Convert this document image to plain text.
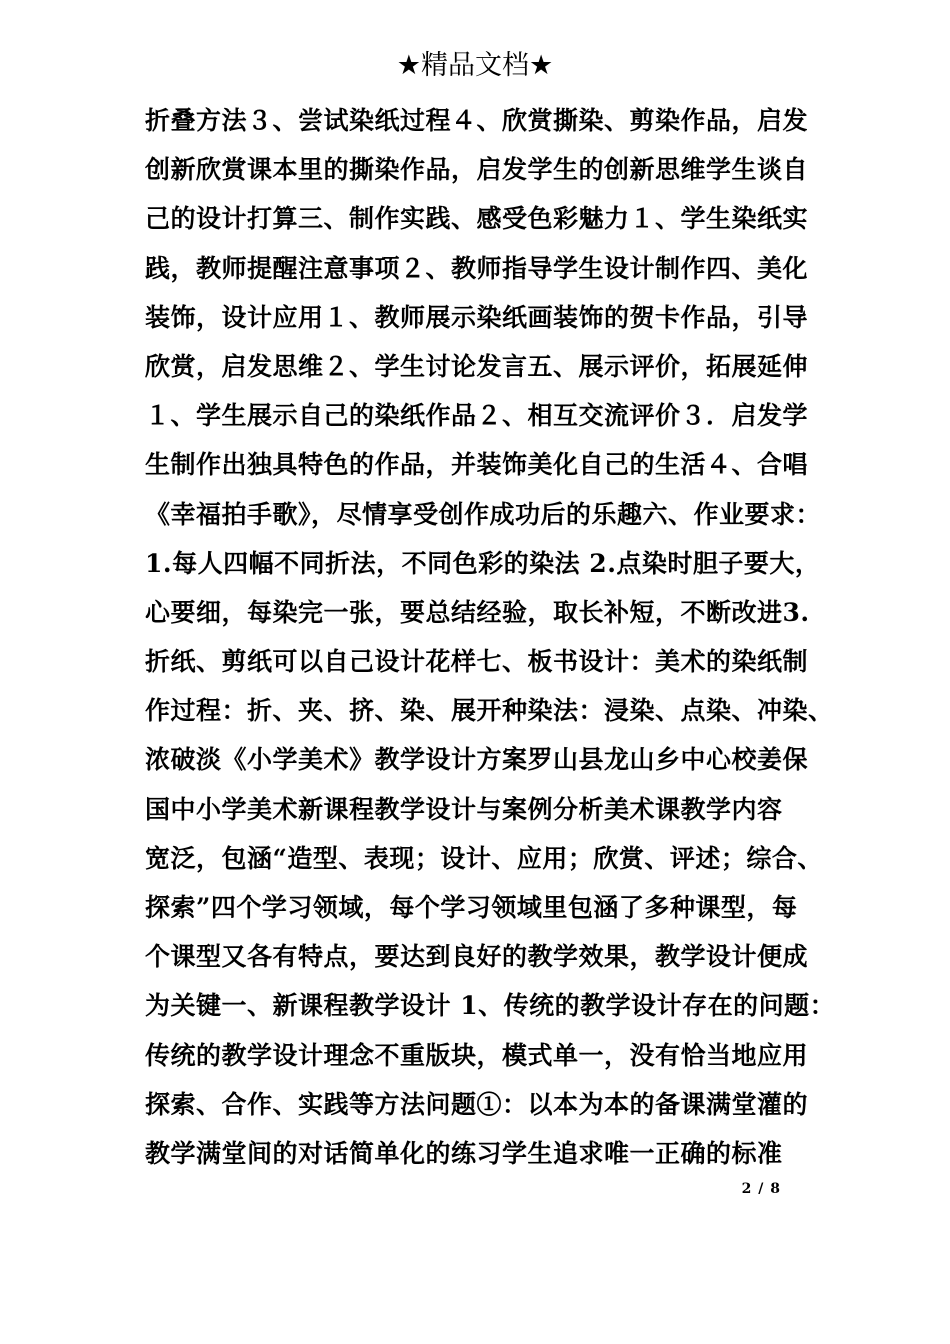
★精品文档★
折叠方法３、尝试染纸过程４、欣赏撕染、剪染作品，启发
创新欣赏课本里的撕染作品，启发学生的创新思维学生谈自
己的设计打算三、制作实践、感受色彩魅力１、学生染纸实
践，教师提醒注意事项２、教师指导学生设计制作四、美化
装饰，设计应用１、教师展示染纸画装饰的贺卡作品，引导
欣赏，启发思维２、学生讨论发言五、展示评价，拓展延伸
１、学生展示自己的染纸作品２、相互交流评价３．启发学
生制作出独具特色的作品，并装饰美化自己的生活４、合唱
《幸福拍手歌》，尽情享受创作成功后的乐趣六、作业要求：
1.每人四幅不同折法，不同色彩的染法 2.点染时胆子要大，
心要细，每染完一张，要总结经验，取长补短，不断改进3.
折纸、剪纸可以自己设计花样七、板书设计：美术的染纸制
作过程：折、夹、挤、染、展开种染法：浸染、点染、冲染、
浓破淡《小学美术》教学设计方案罗山县龙山乡中心校姜保
国中小学美术新课程教学设计与案例分析美术课教学内容
宽泛，包涵“造型、表现；设计、应用；欣赏、评述；综合、
探索”四个学习领域，每个学习领域里包涵了多种课型，每
个课型又各有特点，要达到良好的教学效果，教学设计便成
为关键一、新课程教学设计 1、传统的教学设计存在的问题：
传统的教学设计理念不重版块，模式单一，没有恰当地应用
探索、合作、实践等方法问题①：以本为本的备课满堂灌的
教学满堂间的对话简单化的练习学生追求唯一正确的标准
2 / 8
